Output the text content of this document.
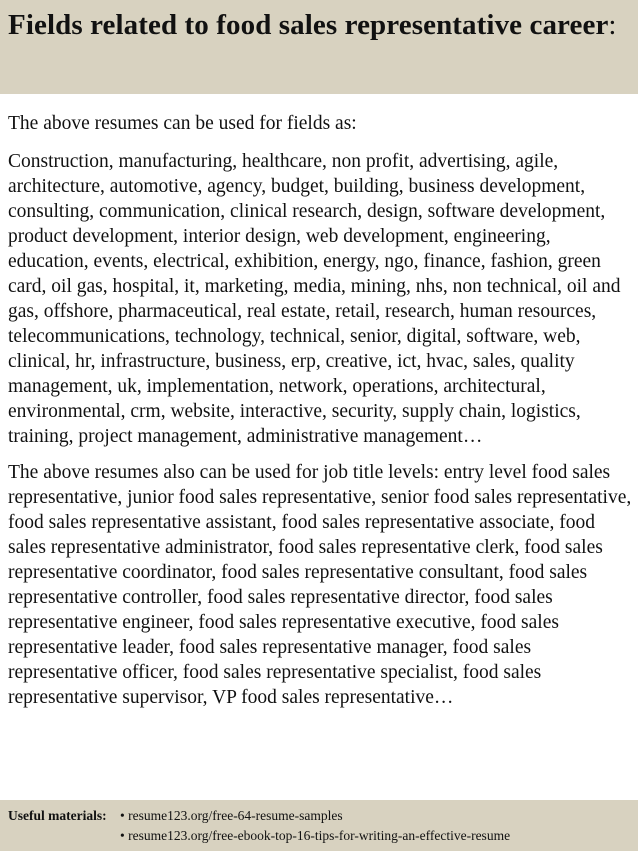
Fields related to food sales representative career:

The above resumes can be used for fields as:

Construction, manufacturing, healthcare, non profit, advertising, agile, architecture, automotive, agency, budget, building, business development, consulting, communication, clinical research, design, software development, product development, interior design, web development, engineering, education, events, electrical, exhibition, energy, ngo, finance, fashion, green card, oil gas, hospital, it, marketing, media, mining, nhs, non technical, oil and gas, offshore, pharmaceutical, real estate, retail, research, human resources, telecommunications, technology, technical, senior, digital, software, web, clinical, hr, infrastructure, business, erp, creative, ict, hvac, sales, quality management, uk, implementation, network, operations, architectural, environmental, crm, website, interactive, security, supply chain, logistics, training, project management, administrative management…

The above resumes also can be used for job title levels: entry level food sales representative, junior food sales representative, senior food sales representative, food sales representative assistant, food sales representative associate, food sales representative administrator, food sales representative clerk, food sales representative coordinator, food sales representative consultant, food sales representative controller, food sales representative director, food sales representative engineer, food sales representative executive, food sales representative leader, food sales representative manager, food sales representative officer, food sales representative specialist, food sales representative supervisor, VP food sales representative…

Useful materials: • resume123.org/free-64-resume-samples
• resume123.org/free-ebook-top-16-tips-for-writing-an-effective-resume
